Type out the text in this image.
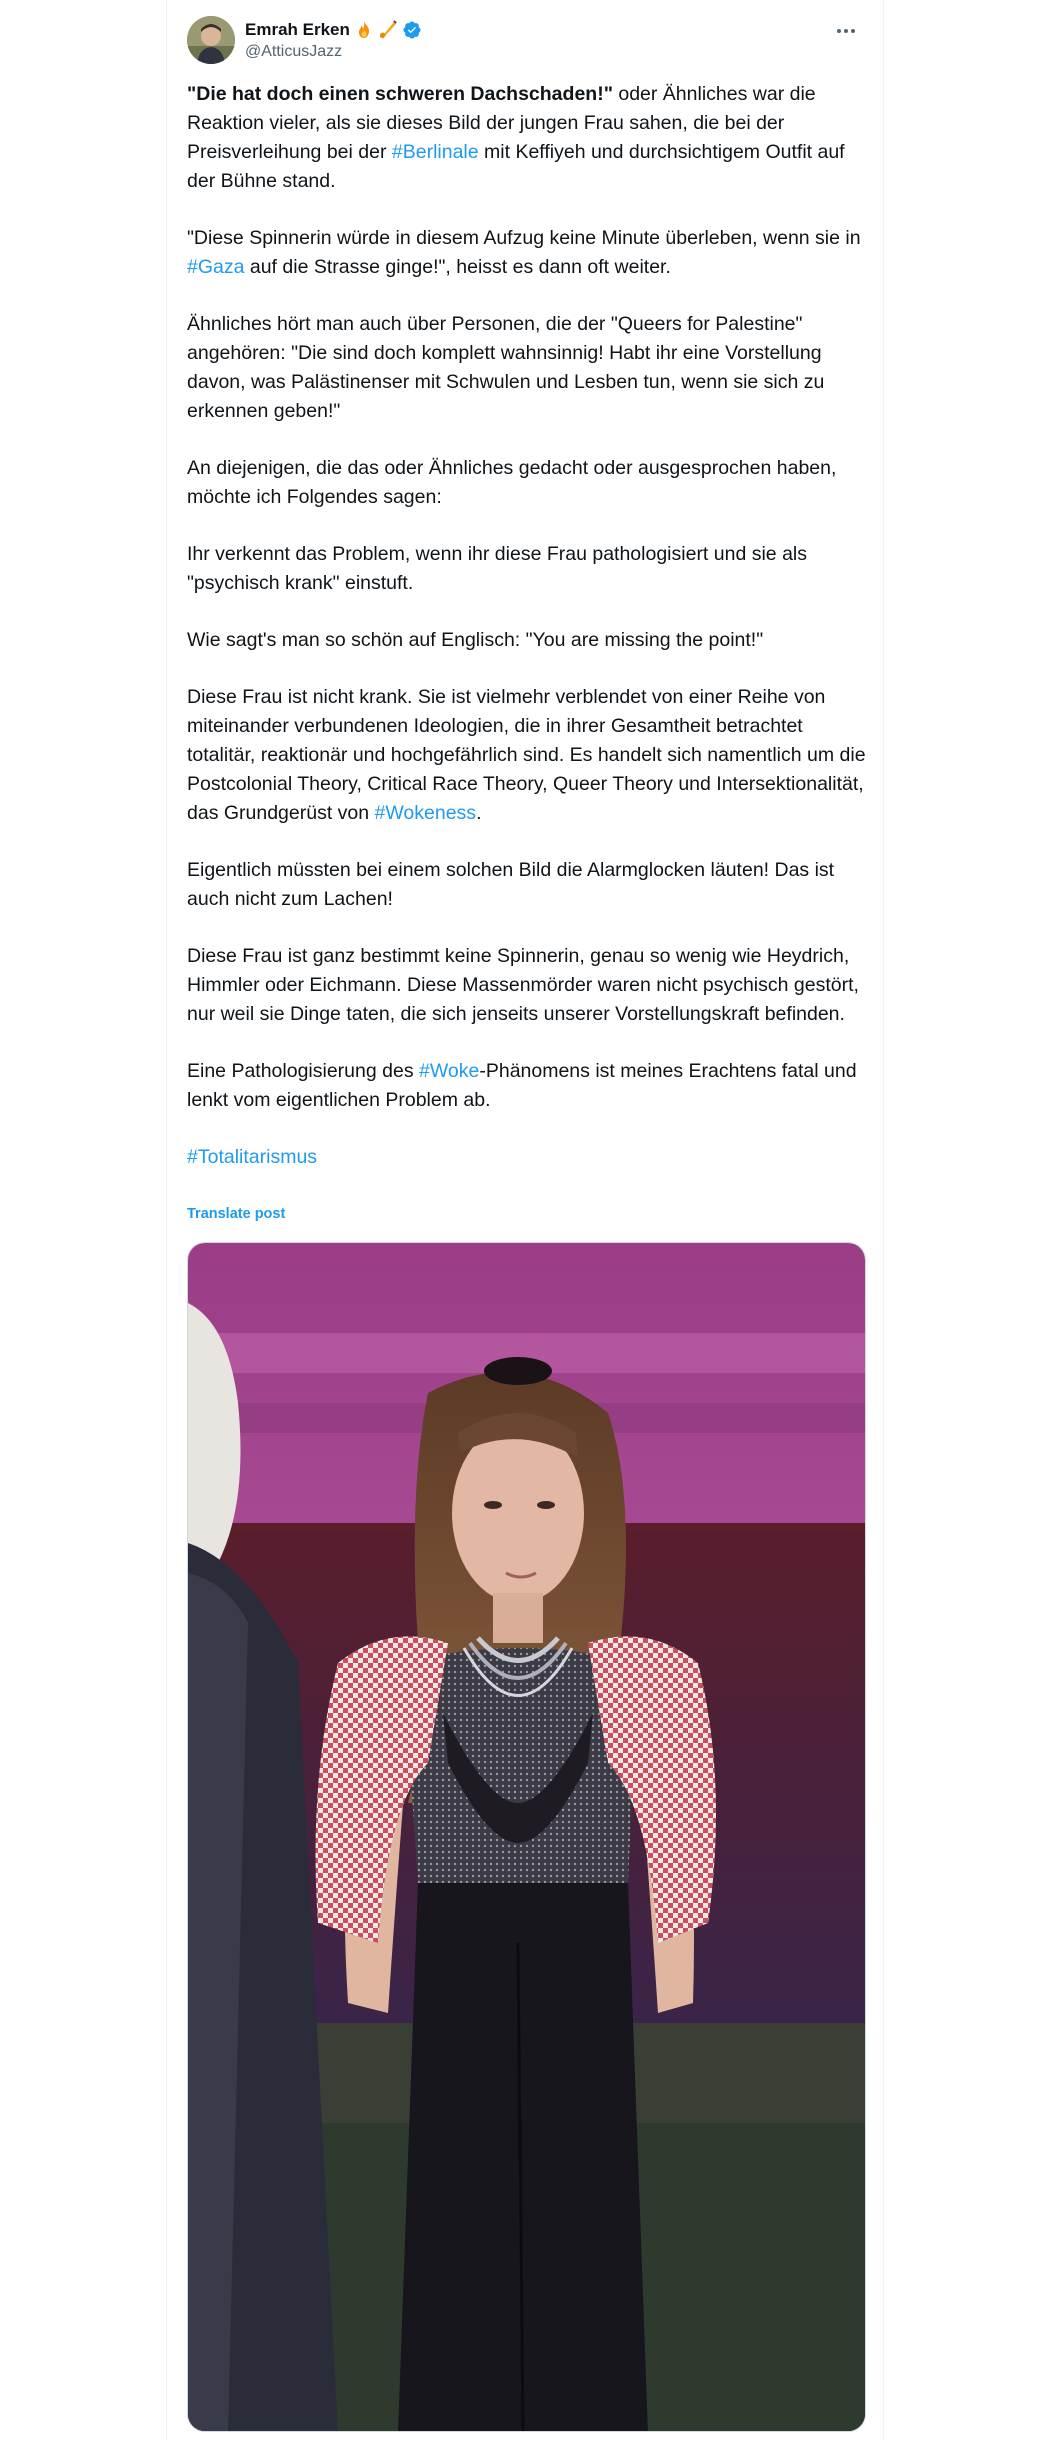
Emrah Erken
@AtticusJazz

"Die hat doch einen schweren Dachschaden!" oder Ähnliches war die Reaktion vieler, als sie dieses Bild der jungen Frau sahen, die bei der Preisverleihung bei der #Berlinale mit Keffiyeh und durchsichtigem Outfit auf der Bühne stand.

"Diese Spinnerin würde in diesem Aufzug keine Minute überleben, wenn sie in #Gaza auf die Strasse ginge!", heisst es dann oft weiter.

Ähnliches hört man auch über Personen, die der "Queers for Palestine" angehören: "Die sind doch komplett wahnsinnig! Habt ihr eine Vorstellung davon, was Palästinenser mit Schwulen und Lesben tun, wenn sie sich zu erkennen geben!"

An diejenigen, die das oder Ähnliches gedacht oder ausgesprochen haben, möchte ich Folgendes sagen:

Ihr verkennt das Problem, wenn ihr diese Frau pathologisiert und sie als "psychisch krank" einstuft.

Wie sagt's man so schön auf Englisch: "You are missing the point!"

Diese Frau ist nicht krank. Sie ist vielmehr verblendet von einer Reihe von miteinander verbundenen Ideologien, die in ihrer Gesamtheit betrachtet totalitär, reaktionär und hochgefährlich sind. Es handelt sich namentlich um die Postcolonial Theory, Critical Race Theory, Queer Theory und Intersektionalität, das Grundgerüst von #Wokeness.

Eigentlich müssten bei einem solchen Bild die Alarmglocken läuten! Das ist auch nicht zum Lachen!

Diese Frau ist ganz bestimmt keine Spinnerin, genau so wenig wie Heydrich, Himmler oder Eichmann. Diese Massenmörder waren nicht psychisch gestört, nur weil sie Dinge taten, die sich jenseits unserer Vorstellungskraft befinden.

Eine Pathologisierung des #Woke-Phänomens ist meines Erachtens fatal und lenkt vom eigentlichen Problem ab.

#Totalitarismus

Translate post
